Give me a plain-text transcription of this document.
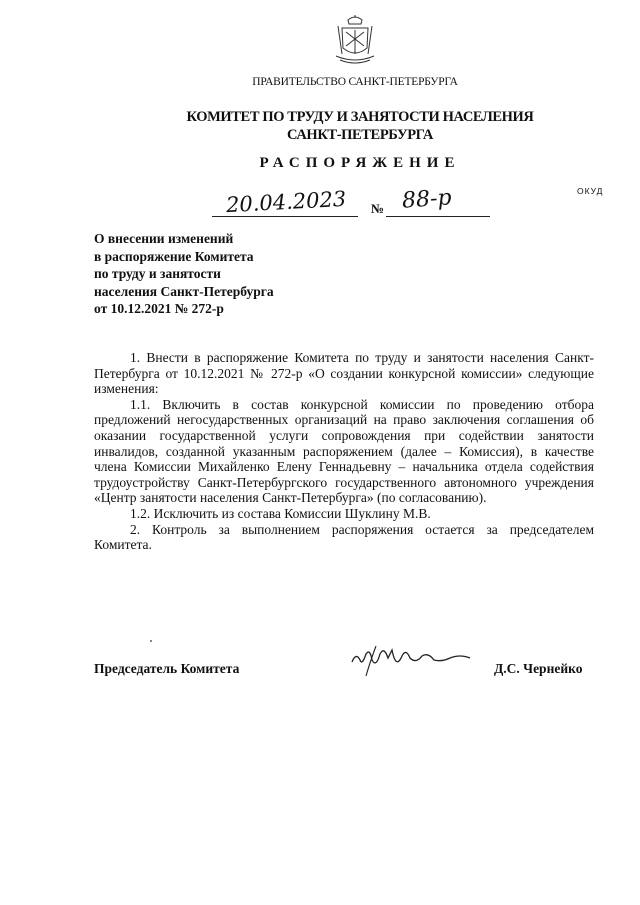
ПРАВИТЕЛЬСТВО САНКТ-ПЕТЕРБУРГА
КОМИТЕТ ПО ТРУДУ И ЗАНЯТОСТИ НАСЕЛЕНИЯ
САНКТ-ПЕТЕРБУРГА
РАСПОРЯЖЕНИЕ
ОКУД
20.04.2023 № 88-р
О внесении изменений
в распоряжение Комитета
по труду и занятости
населения Санкт-Петербурга
от 10.12.2021 № 272-р

1. Внести в распоряжение Комитета по труду и занятости населения Санкт-Петербурга от 10.12.2021 № 272-р «О создании конкурсной комиссии» следующие изменения:

1.1. Включить в состав конкурсной комиссии по проведению отбора предложений негосударственных организаций на право заключения соглашения об оказании государственной услуги сопровождения при содействии занятости инвалидов, созданной указанным распоряжением (далее – Комиссия), в качестве члена Комиссии Михайленко Елену Геннадьевну – начальника отдела содействия трудоустройству Санкт-Петербургского государственного автономного учреждения «Центр занятости населения Санкт-Петербурга» (по согласованию).

1.2. Исключить из состава Комиссии Шуклину М.В.

2. Контроль за выполнением распоряжения остается за председателем Комитета.

Председатель Комитета	Д.С. Чернейко
